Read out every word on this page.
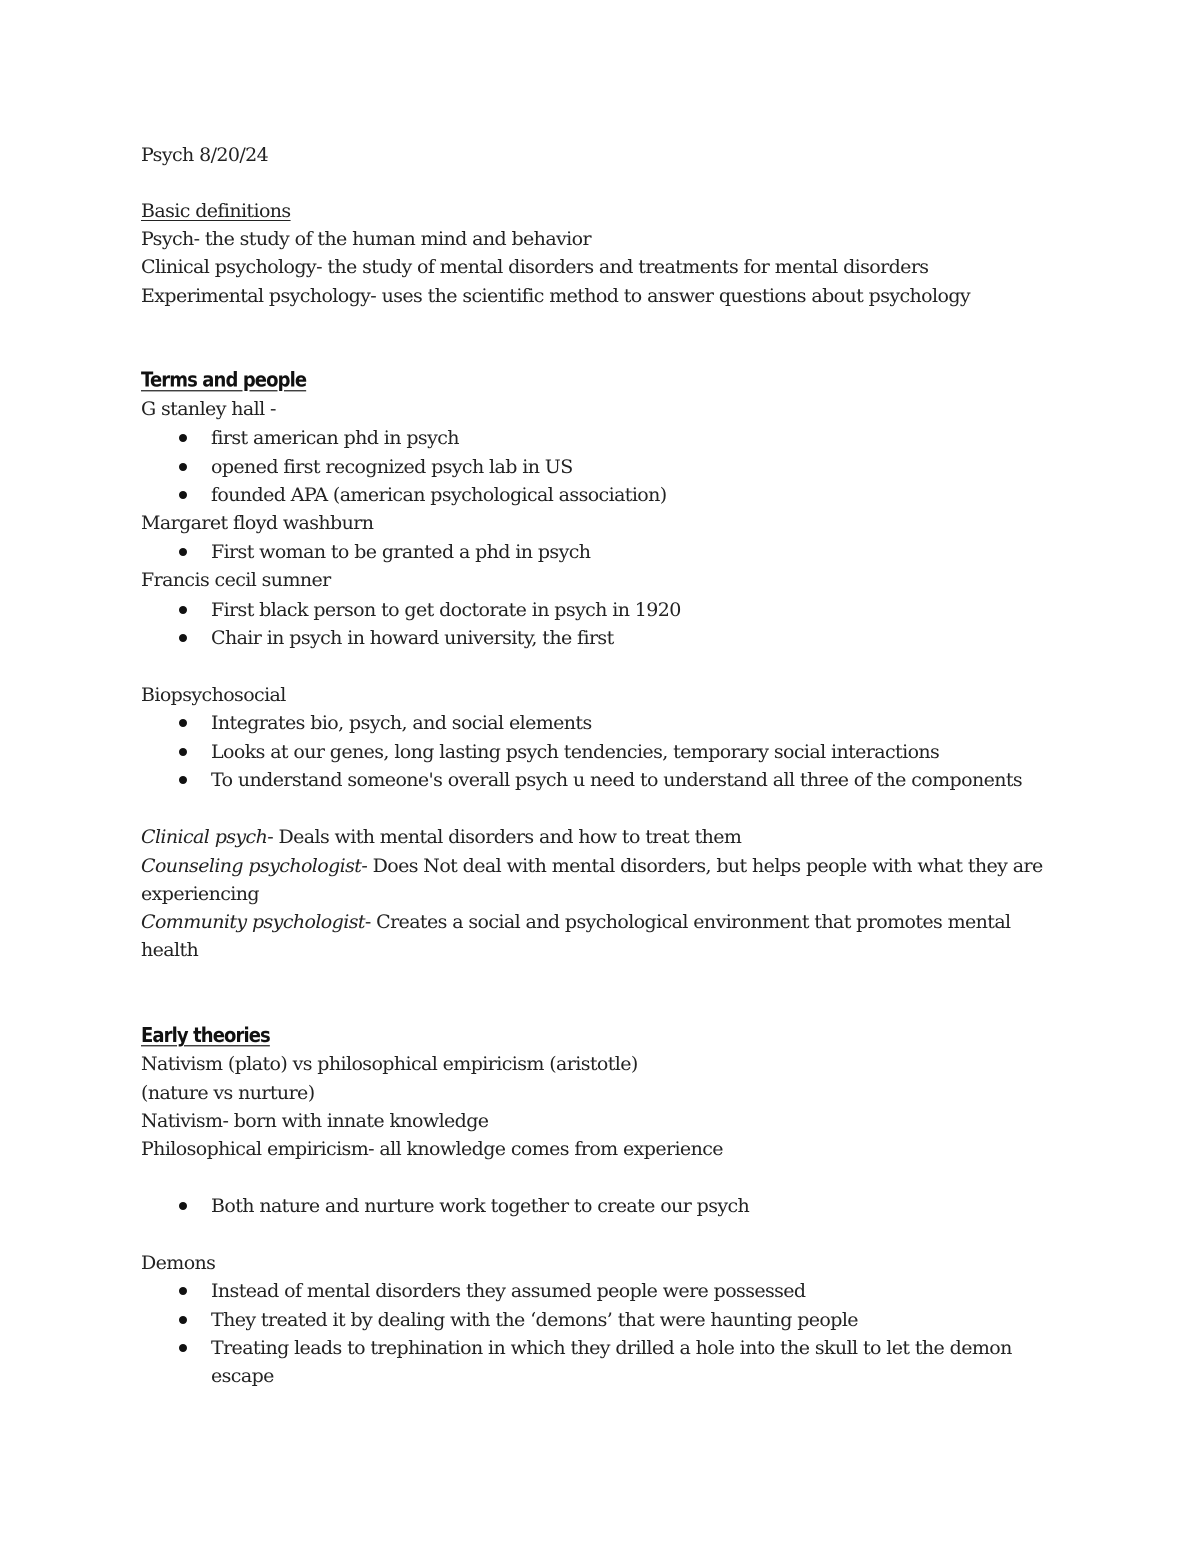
Psych 8/20/24
Basic definitions
Psych- the study of the human mind and behavior
Clinical psychology- the study of mental disorders and treatments for mental disorders
Experimental psychology- uses the scientific method to answer questions about psychology
Terms and people
G stanley hall -
first american phd in psych
opened first recognized psych lab in US
founded APA (american psychological association)
Margaret floyd washburn
First woman to be granted a phd in psych
Francis cecil sumner
First black person to get doctorate in psych in 1920
Chair in psych in howard university, the first
Biopsychosocial
Integrates bio, psych, and social elements
Looks at our genes, long lasting psych tendencies, temporary social interactions
To understand someone's overall psych u need to understand all three of the components
Clinical psych- Deals with mental disorders and how to treat them
Counseling psychologist- Does Not deal with mental disorders, but helps people with what they are experiencing
Community psychologist- Creates a social and psychological environment that promotes mental health
Early theories
Nativism (plato) vs philosophical empiricism (aristotle)
(nature vs nurture)
Nativism- born with innate knowledge
Philosophical empiricism- all knowledge comes from experience
Both nature and nurture work together to create our psych
Demons
Instead of mental disorders they assumed people were possessed
They treated it by dealing with the ‘demons’ that were haunting people
Treating leads to trephination in which they drilled a hole into the skull to let the demon escape
